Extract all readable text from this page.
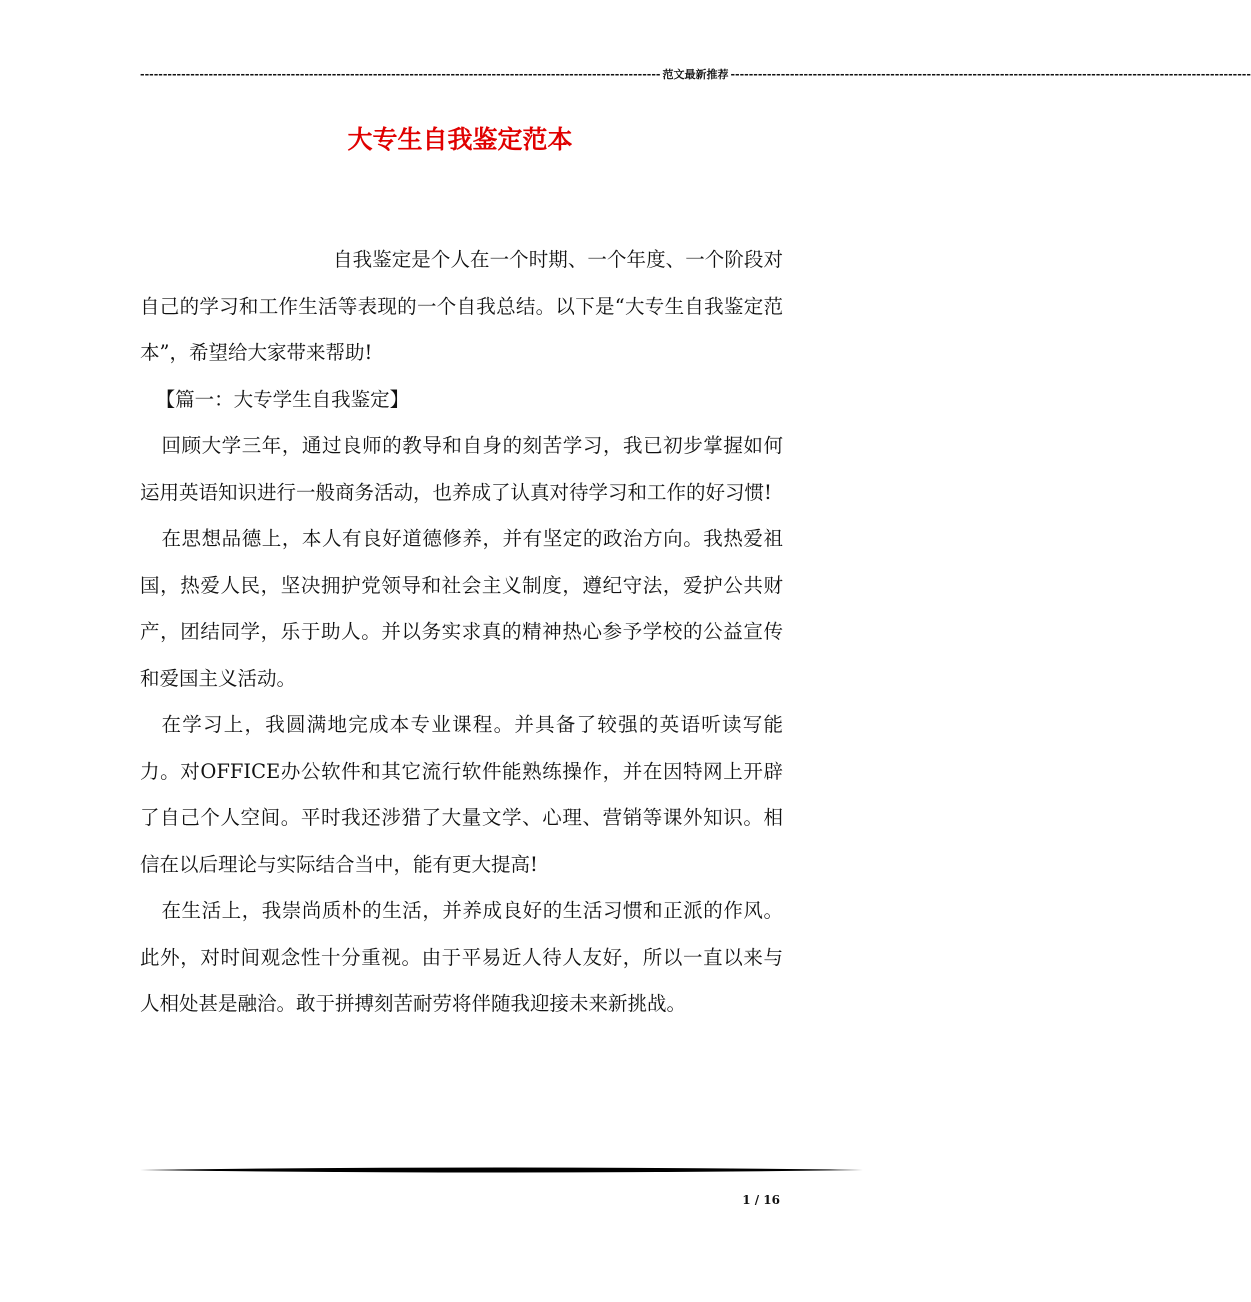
------------------------------------------------------------------------------------------------------------------ 范文最新推荐 ------------------------------------------------------------------------------------------------------------------
大专生自我鉴定范本

自我鉴定是个人在一个时期、一个年度、一个阶段对自己的学习和工作生活等表现的一个自我总结。以下是“大专生自我鉴定范本”，希望给大家带来帮助!

【篇一：大专学生自我鉴定】

回顾大学三年，通过良师的教导和自身的刻苦学习，我已初步掌握如何运用英语知识进行一般商务活动，也养成了认真对待学习和工作的好习惯!

在思想品德上，本人有良好道德修养，并有坚定的政治方向。我热爱祖国，热爱人民，坚决拥护党领导和社会主义制度，遵纪守法，爱护公共财产，团结同学，乐于助人。并以务实求真的精神热心参予学校的公益宣传和爱国主义活动。

在学习上，我圆满地完成本专业课程。并具备了较强的英语听读写能力。对OFFICE办公软件和其它流行软件能熟练操作，并在因特网上开辟了自己个人空间。平时我还涉猎了大量文学、心理、营销等课外知识。相信在以后理论与实际结合当中，能有更大提高!

在生活上，我崇尚质朴的生活，并养成良好的生活习惯和正派的作风。此外，对时间观念性十分重视。由于平易近人待人友好，所以一直以来与人相处甚是融洽。敢于拼搏刻苦耐劳将伴随我迎接未来新挑战。

1 / 16
